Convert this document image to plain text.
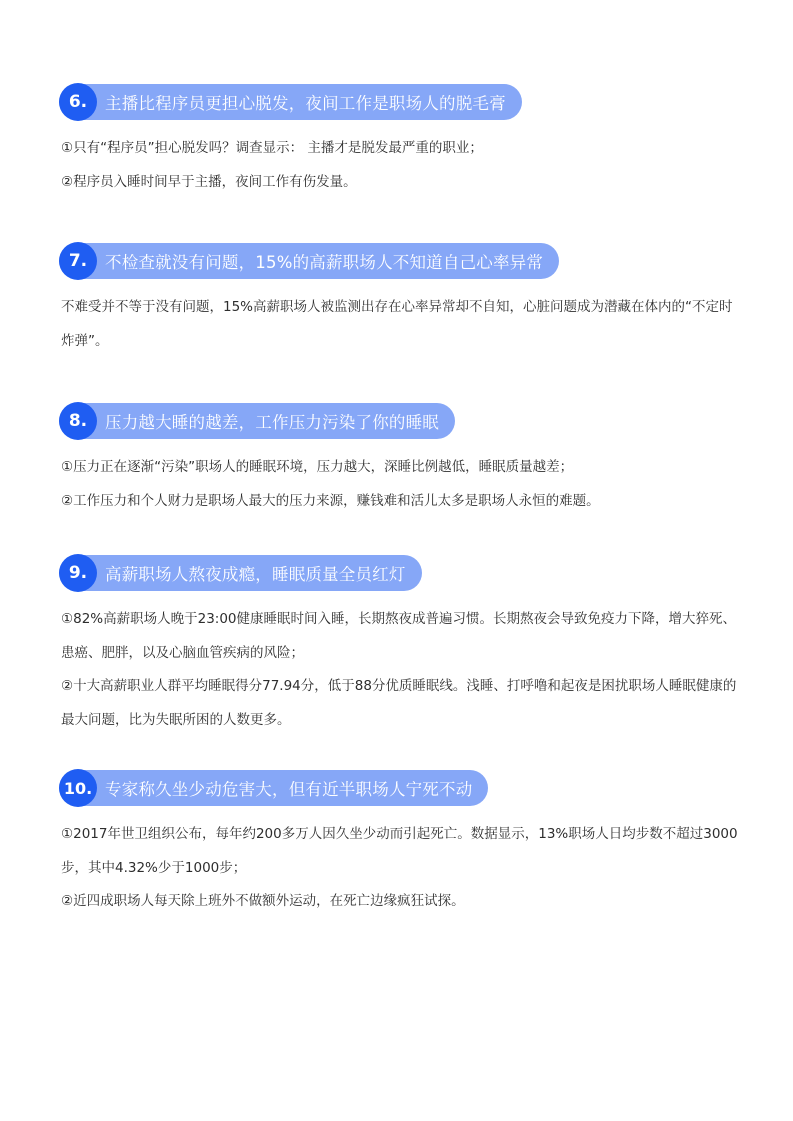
6.	主播比程序员更担心脱发，夜间工作是职场人的脱毛膏

①只有“程序员”担心脱发吗？调查显示： 主播才是脱发最严重的职业；

②程序员入睡时间早于主播，夜间工作有伤发量。

7.	不检查就没有问题，15%的高薪职场人不知道自己心率异常

不难受并不等于没有问题，15%高薪职场人被监测出存在心率异常却不自知，心脏问题成为潜藏在体内的“不定时炸弹”。

8.	压力越大睡的越差，工作压力污染了你的睡眠

①压力正在逐渐“污染”职场人的睡眠环境，压力越大，深睡比例越低，睡眠质量越差；

②工作压力和个人财力是职场人最大的压力来源，赚钱难和活儿太多是职场人永恒的难题。

9.	高薪职场人熬夜成瘾，睡眠质量全员红灯

①82%高薪职场人晚于23:00健康睡眠时间入睡，长期熬夜成普遍习惯。长期熬夜会导致免疫力下降，增大猝死、患癌、肥胖，以及心脑血管疾病的风险；

②十大高薪职业人群平均睡眠得分77.94分，低于88分优质睡眠线。浅睡、打呼噜和起夜是困扰职场人睡眠健康的最大问题，比为失眠所困的人数更多。

10. 专家称久坐少动危害大，但有近半职场人宁死不动

①2017年世卫组织公布，每年约200多万人因久坐少动而引起死亡。数据显示，13%职场人日均步数不超过3000步，其中4.32%少于1000步；

②近四成职场人每天除上班外不做额外运动，在死亡边缘疯狂试探。
